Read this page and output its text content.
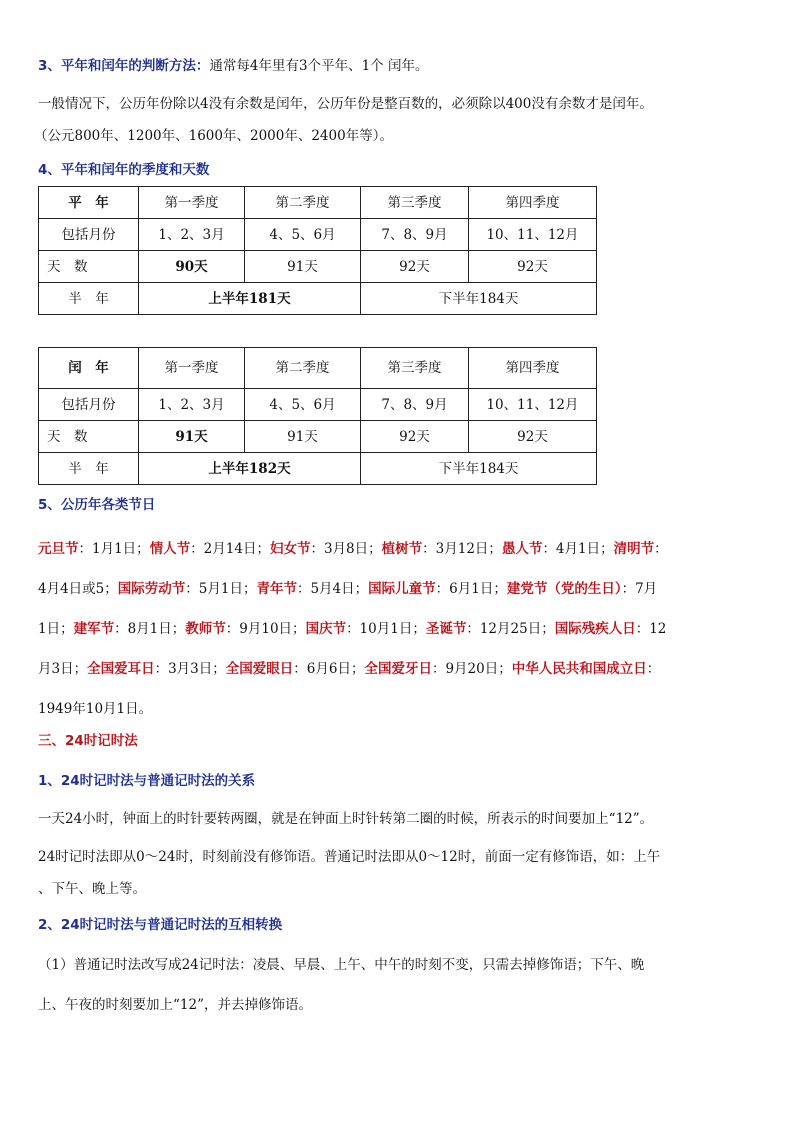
3、平年和闰年的判断方法：通常每4年里有3个平年、1个 闰年。

一般情况下，公历年份除以4没有余数是闰年，公历年份是整百数的，必须除以400没有余数才是闰年。

（公元800年、1200年、1600年、2000年、2400年等）。

4、平年和闰年的季度和天数

平　年	第一季度	第二季度	第三季度	第四季度
包括月份	1、2、3月	4、5、6月	7、8、9月	10、11、12月
天　数	90天	91天	92天	92天
半　年	上半年181天		下半年184天	
闰　年	第一季度	第二季度	第三季度	第四季度
包括月份	1、2、3月	4、5、6月	7、8、9月	10、11、12月
天　数	91天	91天	92天	92天
半　年	上半年182天		下半年184天	

5、公历年各类节日

元旦节：1月1日；情人节：2月14日；妇女节：3月8日；植树节：3月12日；愚人节：4月1日；清明节：
4月4日或5；国际劳动节：5月1日；青年节：5月4日；国际儿童节：6月1日；建党节（党的生日）：7月
1日；建军节：8月1日；教师节：9月10日；国庆节：10月1日；圣诞节：12月25日；国际残疾人日：12
月3日；全国爱耳日：3月3日；全国爱眼日：6月6日；全国爱牙日：9月20日；中华人民共和国成立日：
1949年10月1日。

三、24时记时法

1、24时记时法与普通记时法的关系

一天24小时，钟面上的时针要转两圈，就是在钟面上时针转第二圈的时候，所表示的时间要加上“12”。

24时记时法即从0～24时，时刻前没有修饰语。普通记时法即从0～12时，前面一定有修饰语，如：上午

、下午、晚上等。

2、24时记时法与普通记时法的互相转换

（1）普通记时法改写成24记时法：凌晨、早晨、上午、中午的时刻不变，只需去掉修饰语；下午、晚

上、午夜的时刻要加上“12”，并去掉修饰语。
